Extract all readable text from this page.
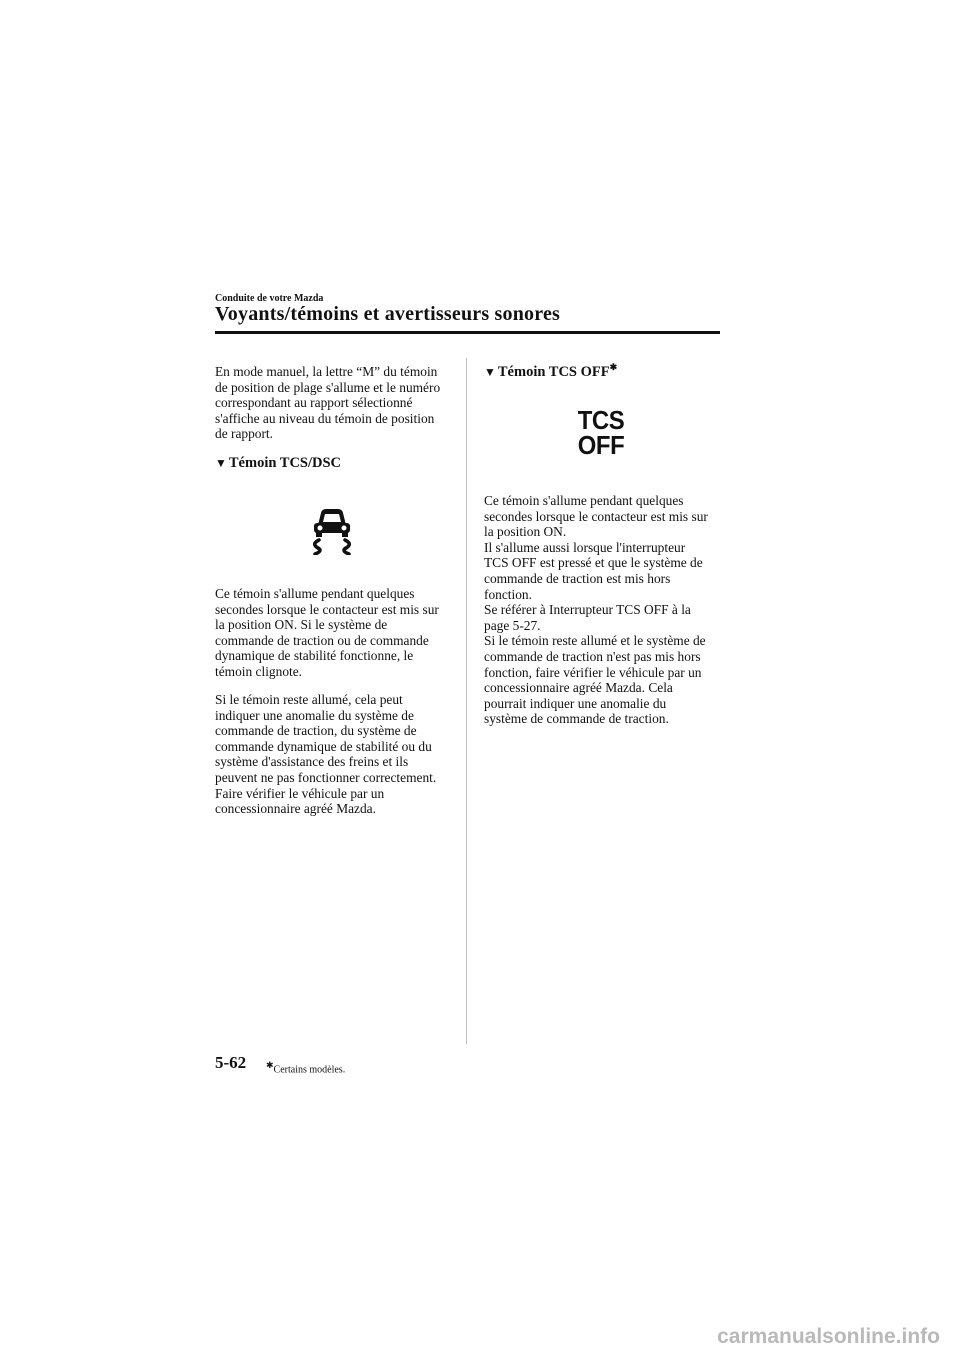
Conduite de votre Mazda
Voyants/témoins et avertisseurs sonores

En mode manuel, la lettre “M” du témoin

de position de plage s'allume et le numéro

correspondant au rapport sélectionné

s'affiche au niveau du témoin de position

de rapport.

▼ Témoin TCS/DSC

Ce témoin s'allume pendant quelques

secondes lorsque le contacteur est mis sur

la position ON. Si le système de

commande de traction ou de commande

dynamique de stabilité fonctionne, le

témoin clignote.

Si le témoin reste allumé, cela peut

indiquer une anomalie du système de

commande de traction, du système de

commande dynamique de stabilité ou du

système d'assistance des freins et ils

peuvent ne pas fonctionner correctement.

Faire vérifier le véhicule par un

concessionnaire agréé Mazda.

▼ Témoin TCS OFF✱
TCS
OFF

Ce témoin s'allume pendant quelques

secondes lorsque le contacteur est mis sur

la position ON.

Il s'allume aussi lorsque l'interrupteur

TCS OFF est pressé et que le système de

commande de traction est mis hors

fonction.

Se référer à Interrupteur TCS OFF à la

page 5-27.

Si le témoin reste allumé et le système de

commande de traction n'est pas mis hors

fonction, faire vérifier le véhicule par un

concessionnaire agréé Mazda. Cela

pourrait indiquer une anomalie du

système de commande de traction.

5-62 ✱Certains modèles.
carmanualsonline.info
